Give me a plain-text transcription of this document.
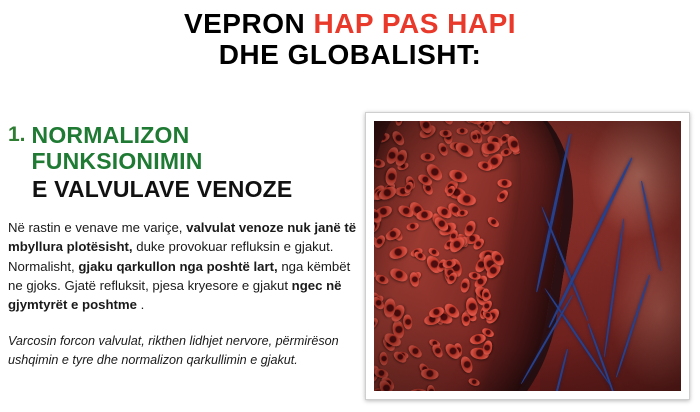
VEPRON HAP PAS HAPI
DHE GLOBALISHT:
1. NORMALIZON
FUNKSIONIMIN
E VALVULAVE VENOZE

Në rastin e venave me variçe, valvulat venoze nuk janë të mbyllura plotësisht, duke provokuar refluksin e gjakut. Normalisht, gjaku qarkullon nga poshtë lart, nga këmbët ne gjoks. Gjatë refluksit, pjesa kryesore e gjakut ngec në gjymtyrët e poshtme .

Varcosin forcon valvulat, rikthen lidhjet nervore, përmirëson ushqimin e tyre dhe normalizon qarkullimin e gjakut.
